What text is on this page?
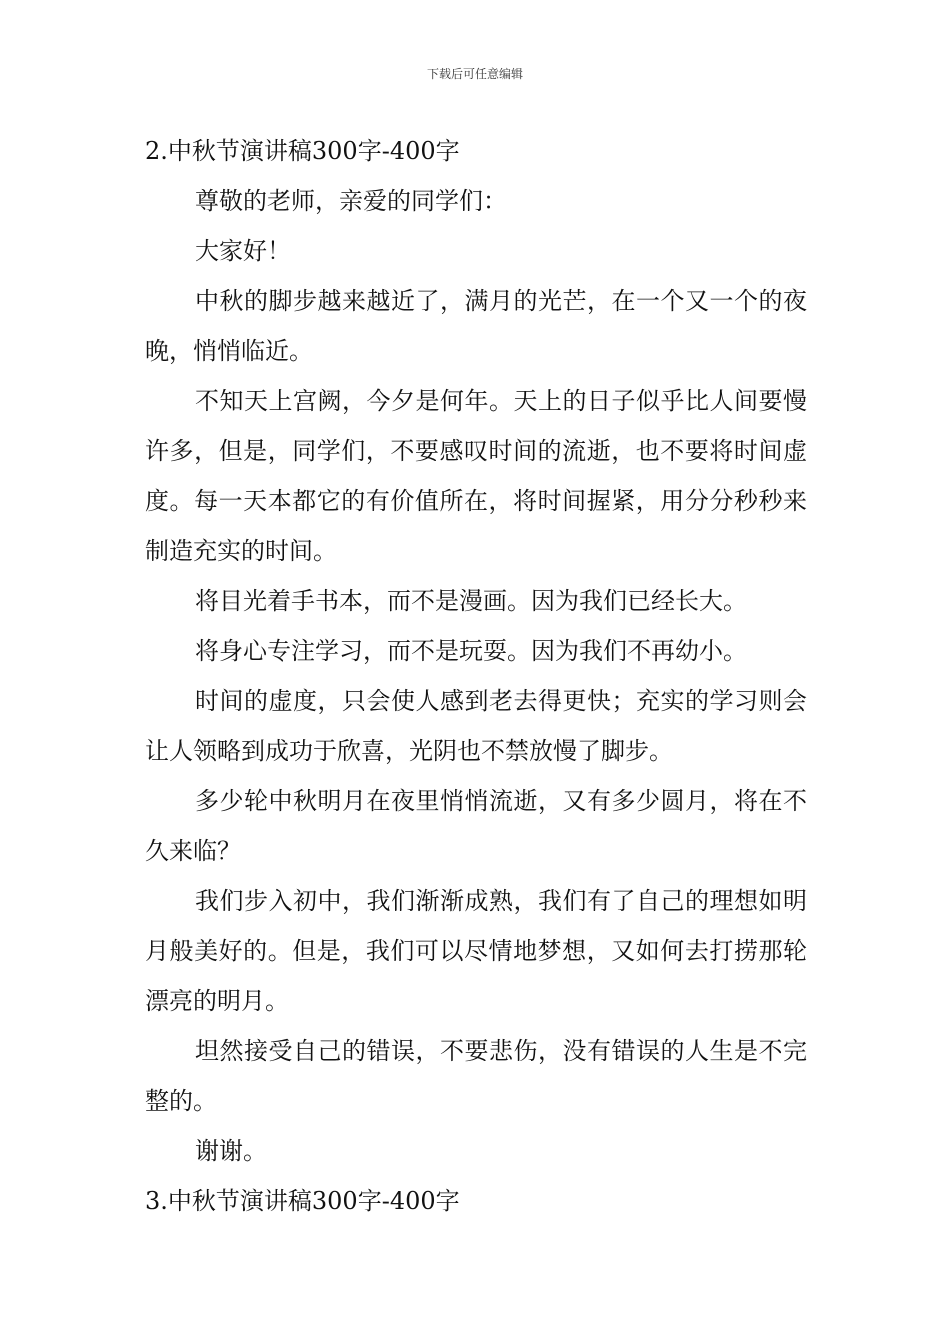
下载后可任意编辑
2.中秋节演讲稿300字-400字

尊敬的老师，亲爱的同学们：

大家好！

中秋的脚步越来越近了，满月的光芒，在一个又一个的夜晚，悄悄临近。

不知天上宫阙，今夕是何年。天上的日子似乎比人间要慢许多，但是，同学们，不要感叹时间的流逝，也不要将时间虚度。每一天本都它的有价值所在，将时间握紧，用分分秒秒来制造充实的时间。

将目光着手书本，而不是漫画。因为我们已经长大。

将身心专注学习，而不是玩耍。因为我们不再幼小。

时间的虚度，只会使人感到老去得更快；充实的学习则会让人领略到成功于欣喜，光阴也不禁放慢了脚步。

多少轮中秋明月在夜里悄悄流逝，又有多少圆月，将在不久来临？

我们步入初中，我们渐渐成熟，我们有了自己的理想如明月般美好的。但是，我们可以尽情地梦想，又如何去打捞那轮漂亮的明月。

坦然接受自己的错误，不要悲伤，没有错误的人生是不完整的。

谢谢。

3.中秋节演讲稿300字-400字
